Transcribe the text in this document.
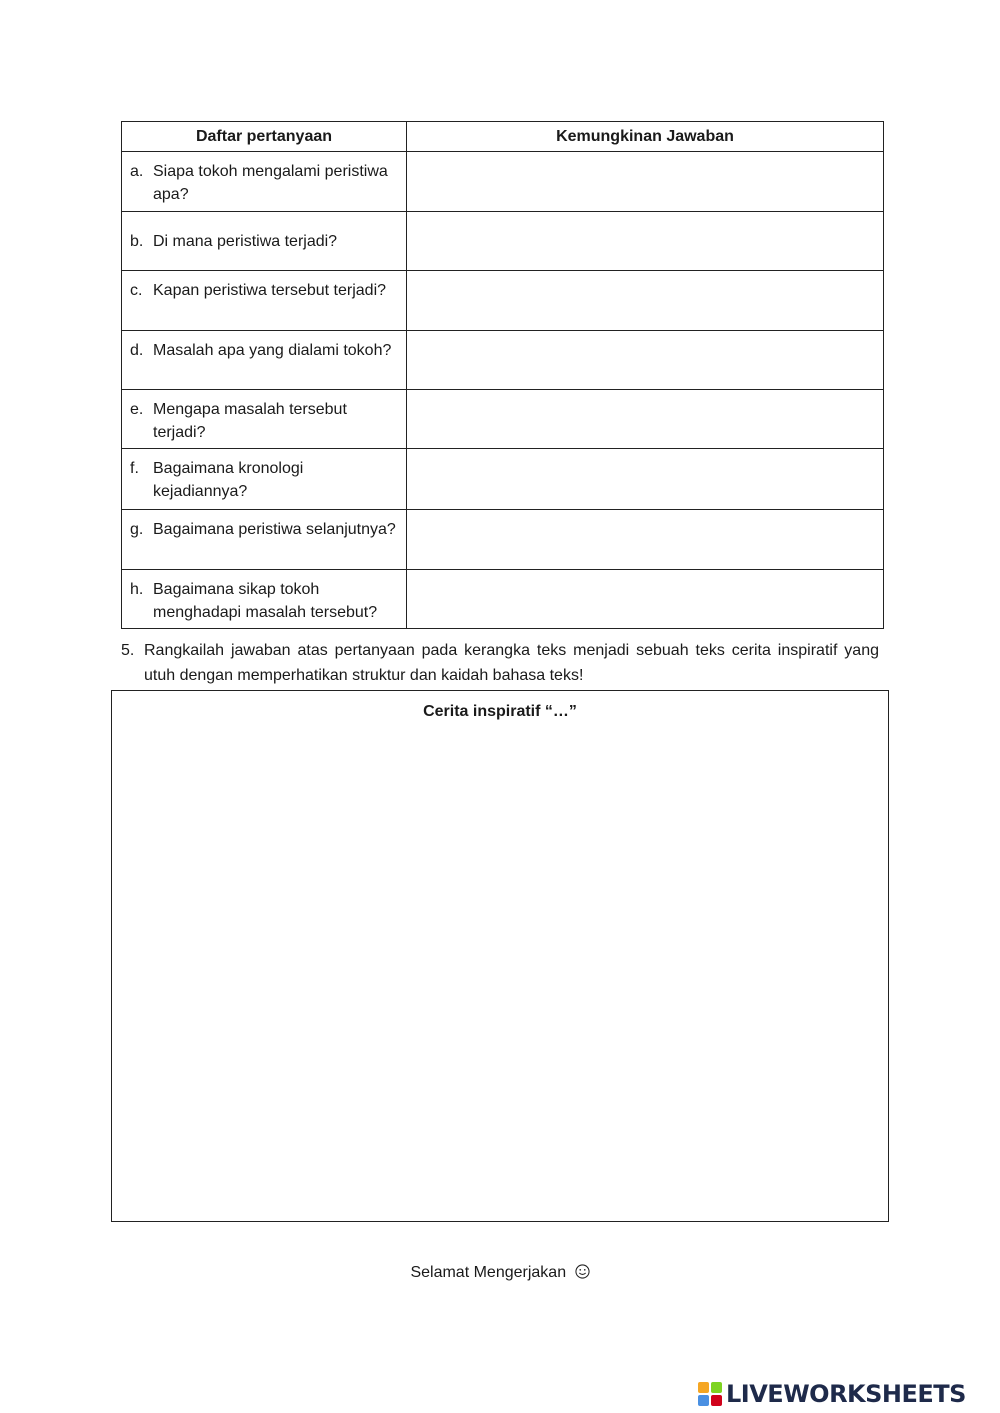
Daftar pertanyaan	Kemungkinan Jawaban

a. Siapa tokoh mengalami peristiwa apa?	

b. Di mana peristiwa terjadi?	

c. Kapan peristiwa tersebut terjadi?	

d. Masalah apa yang dialami tokoh?	

e. Mengapa masalah tersebut terjadi?	

f. Bagaimana kronologi kejadiannya?	

g. Bagaimana peristiwa selanjutnya?	

h. Bagaimana sikap tokoh menghadapi masalah tersebut?	

5. Rangkailah jawaban atas pertanyaan pada kerangka teks menjadi sebuah teks cerita inspiratif yang utuh dengan memperhatikan struktur dan kaidah bahasa teks!
Cerita inspiratif “…”
Selamat Mengerjakan
LIVEWORKSHEETS
